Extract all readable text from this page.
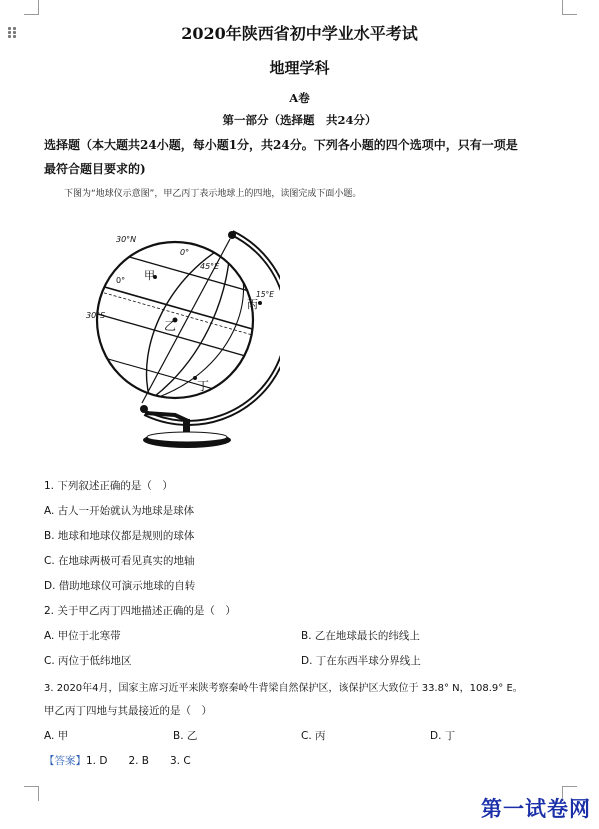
2020年陕西省初中学业水平考试
地理学科
A卷
第一部分（选择题　共24分）
选择题（本大题共24小题，每小题1分，共24分。下列各小题的四个选项中，只有一项是
最符合题目要求的)
下图为“地球仪示意图”，甲乙丙丁表示地球上的四地，读图完成下面小题。
30°N
0°
30°S
0°
45°E
乙
甲
丙
丁
15°E
1. 下列叙述正确的是（　）
A. 古人一开始就认为地球是球体
B. 地球和地球仪都是规则的球体
C. 在地球两极可看见真实的地轴
D. 借助地球仪可演示地球的自转
2. 关于甲乙丙丁四地描述正确的是（　）
A. 甲位于北寒带	B. 乙在地球最长的纬线上
C. 丙位于低纬地区	D. 丁在东西半球分界线上
3. 2020年4月，国家主席习近平来陕考察秦岭牛背梁自然保护区，该保护区大致位于 33.8° N，108.9° E。
甲乙丙丁四地与其最接近的是（　）
A. 甲	B. 乙	C. 丙	D. 丁
【答案】1. D　　2. B　　3. C
第一试卷网
